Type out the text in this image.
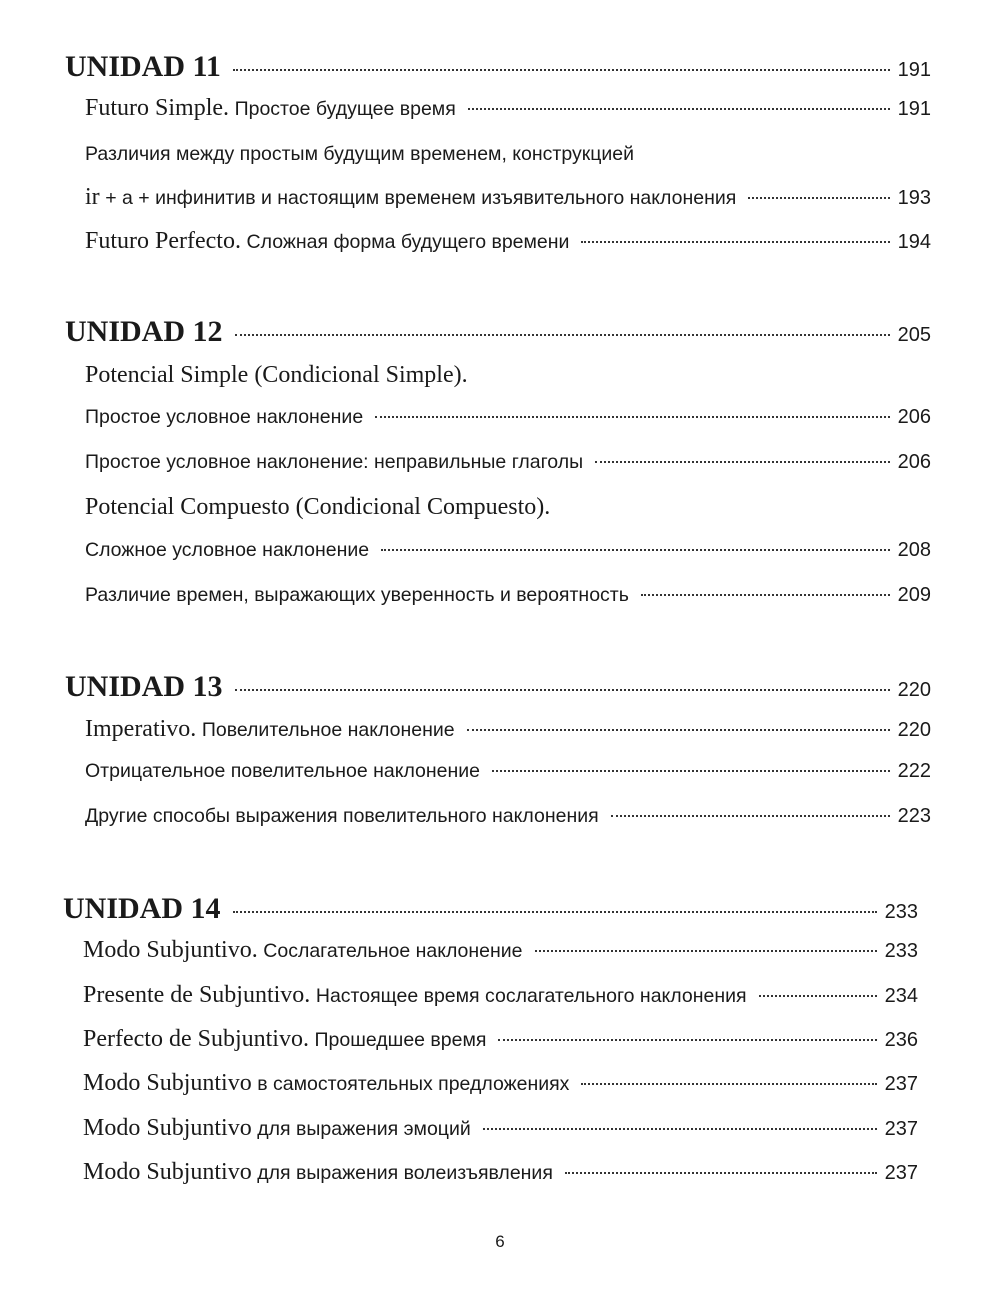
UNIDAD 11	191
Futuro Simple.
Простое будущее время	191
Различия между простым будущим временем, конструкцией
ir
+ a + инфинитив и настоящим временем изъявительного наклонения	193
Futuro Perfecto.
Сложная форма будущего времени	194
UNIDAD 12	205
Potencial Simple (Condicional Simple).
Простое условное наклонение	206
Простое условное наклонение: неправильные глаголы	206
Potencial Compuesto (Condicional Compuesto).
Сложное условное наклонение	208
Различие времен, выражающих уверенность и вероятность	209
UNIDAD 13	220
Imperativo.
Повелительное наклонение	220
Отрицательное повелительное наклонение	222
Другие способы выражения повелительного наклонения	223
UNIDAD 14	233
Modo Subjuntivo.
Сослагательное наклонение	233
Presente de Subjuntivo.
Настоящее время сослагательного наклонения	234
Perfecto de Subjuntivo.
Прошедшее время	236
Modo Subjuntivo
в самостоятельных предложениях	237
Modo Subjuntivo
для выражения эмоций	237
Modo Subjuntivo
для выражения волеизъявления	237
6
